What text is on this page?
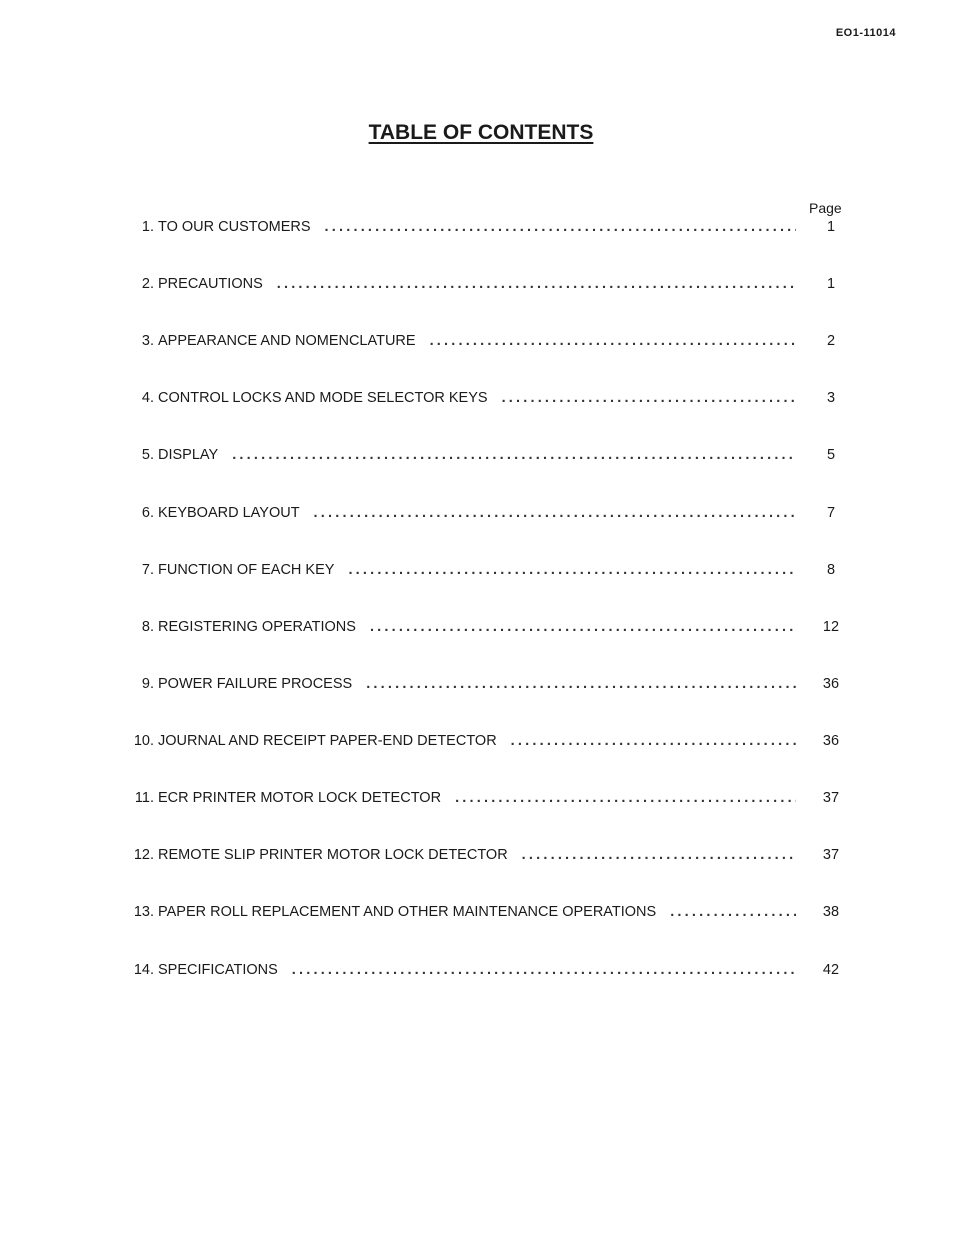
EO1-11014
TABLE OF CONTENTS
Page
1. TO OUR CUSTOMERS .....	1
2. PRECAUTIONS .....	1
3. APPEARANCE AND NOMENCLATURE .....	2
4. CONTROL LOCKS AND MODE SELECTOR KEYS .....	3
5. DISPLAY .....	5
6. KEYBOARD LAYOUT .....	7
7. FUNCTION OF EACH KEY .....	8
8. REGISTERING OPERATIONS .....	12
9. POWER FAILURE PROCESS .....	36
10. JOURNAL AND RECEIPT PAPER-END DETECTOR .....	36
11. ECR PRINTER MOTOR LOCK DETECTOR .....	37
12. REMOTE SLIP PRINTER MOTOR LOCK DETECTOR .....	37
13. PAPER ROLL REPLACEMENT AND OTHER MAINTENANCE OPERATIONS .....	38
14. SPECIFICATIONS .....	42
